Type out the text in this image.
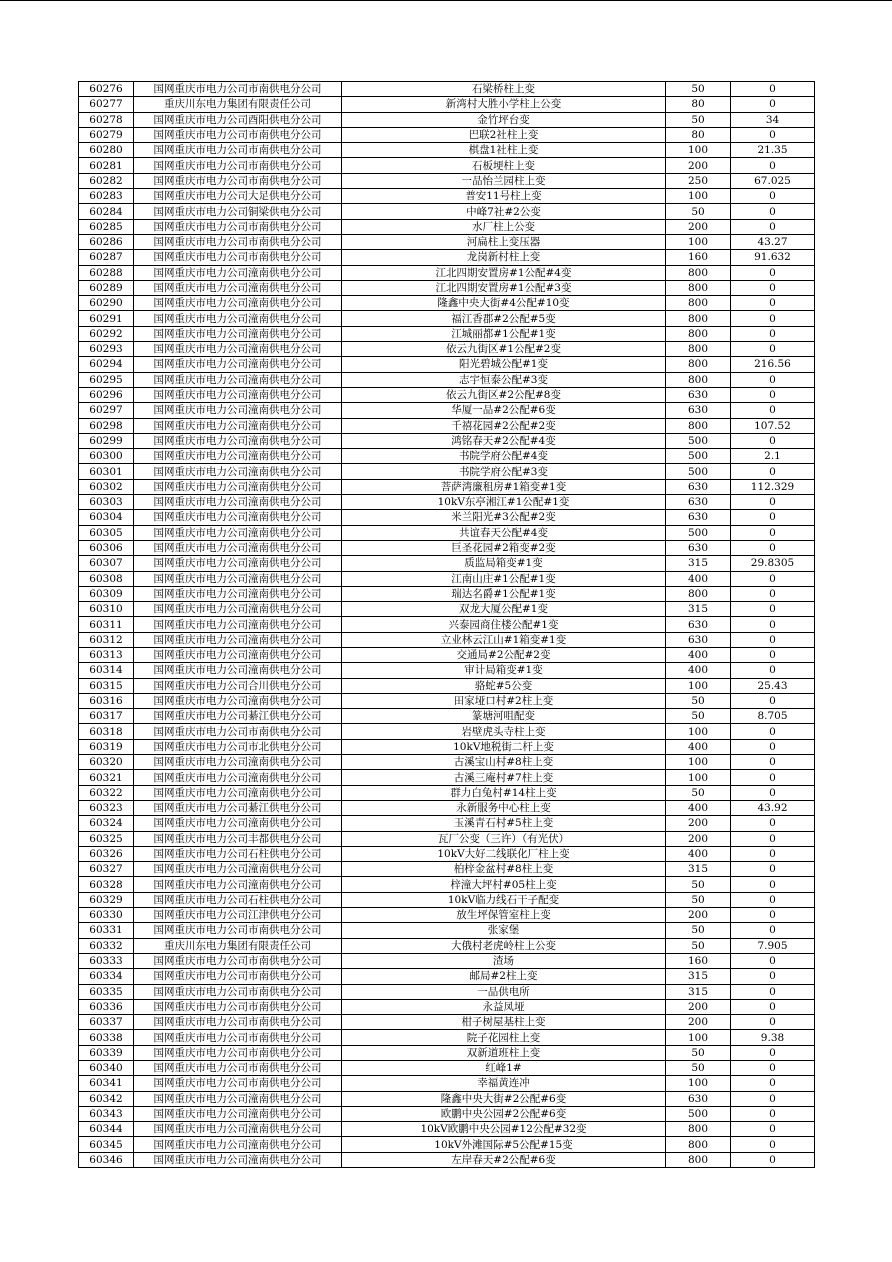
60276	国网重庆市电力公司市南供电分公司	石梁桥柱上变	50	0
60277	重庆川东电力集团有限责任公司	新湾村大胜小学柱上公变	80	0
60278	国网重庆市电力公司酉阳供电分公司	金竹坪台变	50	34
60279	国网重庆市电力公司市南供电分公司	巴联2社柱上变	80	0
60280	国网重庆市电力公司市南供电分公司	棋盘1社柱上变	100	21.35
60281	国网重庆市电力公司市南供电分公司	石板埂柱上变	200	0
60282	国网重庆市电力公司市南供电分公司	一品怡兰园柱上变	250	67.025
60283	国网重庆市电力公司大足供电分公司	普安11号柱上变	100	0
60284	国网重庆市电力公司铜梁供电分公司	中峰7社#2公变	50	0
60285	国网重庆市电力公司市南供电分公司	水厂柱上公变	200	0
60286	国网重庆市电力公司市南供电分公司	河扁柱上变压器	100	43.27
60287	国网重庆市电力公司市南供电分公司	龙岗新村柱上变	160	91.632
60288	国网重庆市电力公司潼南供电分公司	江北四期安置房#1公配#4变	800	0
60289	国网重庆市电力公司潼南供电分公司	江北四期安置房#1公配#3变	800	0
60290	国网重庆市电力公司潼南供电分公司	隆鑫中央大街#4公配#10变	800	0
60291	国网重庆市电力公司潼南供电分公司	福江香郡#2公配#5变	800	0
60292	国网重庆市电力公司潼南供电分公司	江城丽都#1公配#1变	800	0
60293	国网重庆市电力公司潼南供电分公司	依云九街区#1公配#2变	800	0
60294	国网重庆市电力公司潼南供电分公司	阳光碧城公配#1变	800	216.56
60295	国网重庆市电力公司潼南供电分公司	志宇恒泰公配#3变	800	0
60296	国网重庆市电力公司潼南供电分公司	依云九街区#2公配#8变	630	0
60297	国网重庆市电力公司潼南供电分公司	华厦一品#2公配#6变	630	0
60298	国网重庆市电力公司潼南供电分公司	千禧花园#2公配#2变	800	107.52
60299	国网重庆市电力公司潼南供电分公司	鸿铭春天#2公配#4变	500	0
60300	国网重庆市电力公司潼南供电分公司	书院学府公配#4变	500	2.1
60301	国网重庆市电力公司潼南供电分公司	书院学府公配#3变	500	0
60302	国网重庆市电力公司潼南供电分公司	菩萨湾廉租房#1箱变#1变	630	112.329
60303	国网重庆市电力公司潼南供电分公司	10kV东亭湘江#1公配#1变	630	0
60304	国网重庆市电力公司潼南供电分公司	米兰阳光#3公配#2变	630	0
60305	国网重庆市电力公司潼南供电分公司	共谊春天公配#4变	500	0
60306	国网重庆市电力公司潼南供电分公司	巨圣花园#2箱变#2变	630	0
60307	国网重庆市电力公司潼南供电分公司	质监局箱变#1变	315	29.8305
60308	国网重庆市电力公司潼南供电分公司	江南山庄#1公配#1变	400	0
60309	国网重庆市电力公司潼南供电分公司	瑞达名爵#1公配#1变	800	0
60310	国网重庆市电力公司潼南供电分公司	双龙大厦公配#1变	315	0
60311	国网重庆市电力公司潼南供电分公司	兴泰园商住楼公配#1变	630	0
60312	国网重庆市电力公司潼南供电分公司	立业林云江山#1箱变#1变	630	0
60313	国网重庆市电力公司潼南供电分公司	交通局#2公配#2变	400	0
60314	国网重庆市电力公司潼南供电分公司	审计局箱变#1变	400	0
60315	国网重庆市电力公司合川供电分公司	骆蛇#5公变	100	25.43
60316	国网重庆市电力公司潼南供电分公司	田家垭口村#2柱上变	50	0
60317	国网重庆市电力公司綦江供电分公司	篆塘河咀配变	50	8.705
60318	国网重庆市电力公司市南供电分公司	岩壁虎头寺柱上变	100	0
60319	国网重庆市电力公司市北供电分公司	10kV地税街二杆上变	400	0
60320	国网重庆市电力公司潼南供电分公司	古溪宝山村#8柱上变	100	0
60321	国网重庆市电力公司潼南供电分公司	古溪三庵村#7柱上变	100	0
60322	国网重庆市电力公司潼南供电分公司	群力白兔村#14柱上变	50	0
60323	国网重庆市电力公司綦江供电分公司	永新服务中心柱上变	400	43.92
60324	国网重庆市电力公司潼南供电分公司	玉溪青石村#5柱上变	200	0
60325	国网重庆市电力公司丰都供电分公司	瓦厂公变（三许）（有光伏）	200	0
60326	国网重庆市电力公司石柱供电分公司	10kV大好二线联化厂柱上变	400	0
60327	国网重庆市电力公司潼南供电分公司	柏梓金盆村#8柱上变	315	0
60328	国网重庆市电力公司潼南供电分公司	梓潼大坪村#05柱上变	50	0
60329	国网重庆市电力公司石柱供电分公司	10kV临力线石干子配变	50	0
60330	国网重庆市电力公司江津供电分公司	放生坪保管室柱上变	200	0
60331	国网重庆市电力公司市南供电分公司	张家堡	50	0
60332	重庆川东电力集团有限责任公司	大俄村老虎岭柱上公变	50	7.905
60333	国网重庆市电力公司市南供电分公司	渣场	160	0
60334	国网重庆市电力公司市南供电分公司	邮局#2柱上变	315	0
60335	国网重庆市电力公司市南供电分公司	一品供电所	315	0
60336	国网重庆市电力公司市南供电分公司	永益凤垭	200	0
60337	国网重庆市电力公司市南供电分公司	柑子树屋基柱上变	200	0
60338	国网重庆市电力公司市南供电分公司	院子花园柱上变	100	9.38
60339	国网重庆市电力公司市南供电分公司	双新道班柱上变	50	0
60340	国网重庆市电力公司市南供电分公司	红峰1#	50	0
60341	国网重庆市电力公司市南供电分公司	幸福黄连冲	100	0
60342	国网重庆市电力公司潼南供电分公司	隆鑫中央大街#2公配#6变	630	0
60343	国网重庆市电力公司潼南供电分公司	欧鹏中央公园#2公配#6变	500	0
60344	国网重庆市电力公司潼南供电分公司	10kV欧鹏中央公园#12公配#32变	800	0
60345	国网重庆市电力公司潼南供电分公司	10kV外滩国际#5公配#15变	800	0
60346	国网重庆市电力公司潼南供电分公司	左岸春天#2公配#6变	800	0
